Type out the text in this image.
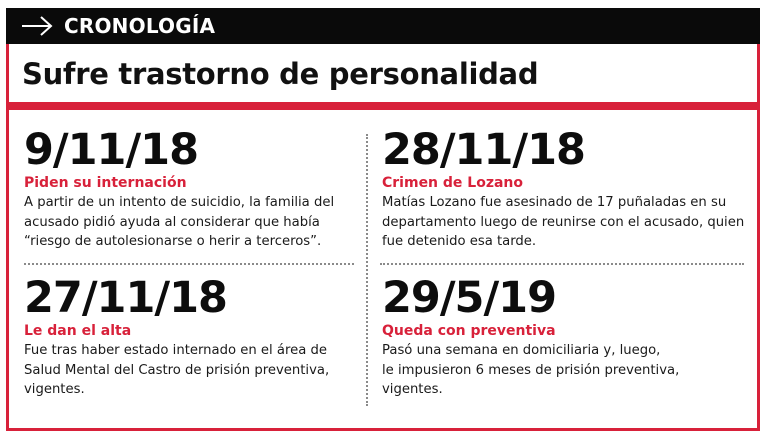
CRONOLOGÍA
Sufre trastorno de personalidad

9/11/18

Piden su internación

A partir de un intento de suicidio, la familia del
acusado pidió ayuda al considerar que había
“riesgo de autolesionarse o herir a terceros”.

28/11/18

Crimen de Lozano

Matías Lozano fue asesinado de 17 puñaladas en su
departamento luego de reunirse con el acusado, quien
fue detenido esa tarde.

27/11/18

Le dan el alta

Fue tras haber estado internado en el área de
Salud Mental del Castro de prisión preventiva,
vigentes.

29/5/19

Queda con preventiva

Pasó una semana en domiciliaria y, luego,
le impusieron 6 meses de prisión preventiva,
vigentes.
